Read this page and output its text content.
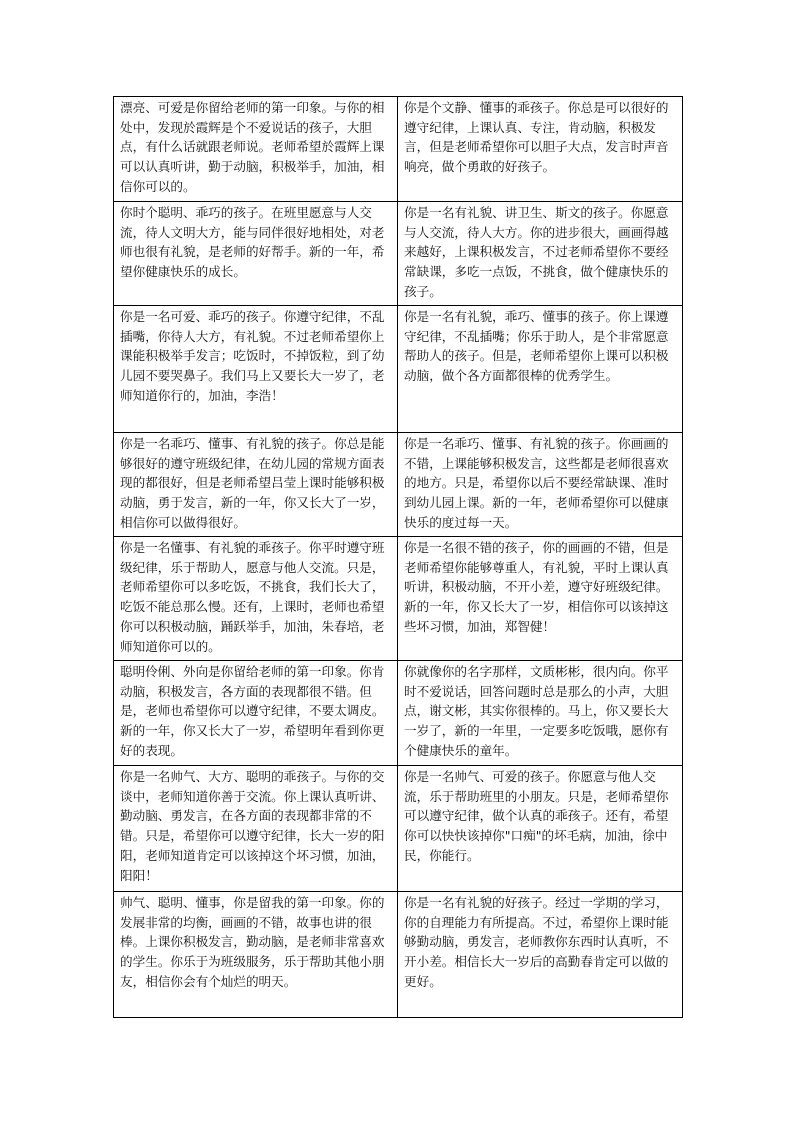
漂亮、可爱是你留给老师的第一印象。与你的相处中，发现於霞辉是个不爱说话的孩子，大胆点，有什么话就跟老师说。老师希望於霞辉上课可以认真听讲，勤于动脑，积极举手，加油，相信你可以的。	你是个文静、懂事的乖孩子。你总是可以很好的遵守纪律，上课认真、专注，肯动脑，积极发言，但是老师希望你可以胆子大点，发言时声音响亮，做个勇敢的好孩子。
你时个聪明、乖巧的孩子。在班里愿意与人交流，待人文明大方，能与同伴很好地相处，对老师也很有礼貌，是老师的好帮手。新的一年，希望你健康快乐的成长。	你是一名有礼貌、讲卫生、斯文的孩子。你愿意与人交流，待人大方。你的进步很大，画画得越来越好，上课积极发言，不过老师希望你不要经常缺课，多吃一点饭，不挑食，做个健康快乐的孩子。
你是一名可爱、乖巧的孩子。你遵守纪律，不乱插嘴，你待人大方，有礼貌。不过老师希望你上课能积极举手发言；吃饭时，不掉饭粒，到了幼儿园不要哭鼻子。我们马上又要长大一岁了，老师知道你行的，加油，李浩！	你是一名有礼貌，乖巧、懂事的孩子。你上课遵守纪律，不乱插嘴；你乐于助人，是个非常愿意帮助人的孩子。但是，老师希望你上课可以积极动脑，做个各方面都很棒的优秀学生。
你是一名乖巧、懂事、有礼貌的孩子。你总是能够很好的遵守班级纪律，在幼儿园的常规方面表现的都很好，但是老师希望吕莹上课时能够积极动脑，勇于发言，新的一年，你又长大了一岁，相信你可以做得很好。	你是一名乖巧、懂事、有礼貌的孩子。你画画的不错，上课能够积极发言，这些都是老师很喜欢的地方。只是，希望你以后不要经常缺课、准时到幼儿园上课。新的一年，老师希望你可以健康快乐的度过每一天。
你是一名懂事、有礼貌的乖孩子。你平时遵守班级纪律，乐于帮助人，愿意与他人交流。只是，老师希望你可以多吃饭，不挑食，我们长大了，吃饭不能总那么慢。还有，上课时，老师也希望你可以积极动脑，踊跃举手，加油，朱春培，老师知道你可以的。	你是一名很不错的孩子，你的画画的不错，但是老师希望你能够尊重人，有礼貌，平时上课认真听讲，积极动脑，不开小差，遵守好班级纪律。新的一年，你又长大了一岁，相信你可以该掉这些坏习惯，加油，郑智健！
聪明伶俐、外向是你留给老师的第一印象。你肯动脑，积极发言，各方面的表现都很不错。但是，老师也希望你可以遵守纪律，不要太调皮。新的一年，你又长大了一岁，希望明年看到你更好的表现。	你就像你的名字那样，文质彬彬，很内向。你平时不爱说话，回答问题时总是那么的小声，大胆点，谢文彬，其实你很棒的。马上，你又要长大一岁了，新的一年里，一定要多吃饭哦，愿你有个健康快乐的童年。
你是一名帅气、大方、聪明的乖孩子。与你的交谈中，老师知道你善于交流。你上课认真听讲、勤动脑、勇发言，在各方面的表现都非常的不错。只是，希望你可以遵守纪律，长大一岁的阳阳，老师知道肯定可以该掉这个坏习惯，加油，阳阳！	你是一名帅气、可爱的孩子。你愿意与他人交流，乐于帮助班里的小朋友。只是，老师希望你可以遵守纪律，做个认真的乖孩子。还有，希望你可以快快该掉你"口痴"的坏毛病，加油，徐中民，你能行。
帅气、聪明、懂事，你是留我的第一印象。你的发展非常的均衡，画画的不错，故事也讲的很棒。上课你积极发言，勤动脑，是老师非常喜欢的学生。你乐于为班级服务，乐于帮助其他小朋友，相信你会有个灿烂的明天。	你是一名有礼貌的好孩子。经过一学期的学习，你的自理能力有所提高。不过，希望你上课时能够勤动脑，勇发言，老师教你东西时认真听，不开小差。相信长大一岁后的高勤春肯定可以做的更好。
